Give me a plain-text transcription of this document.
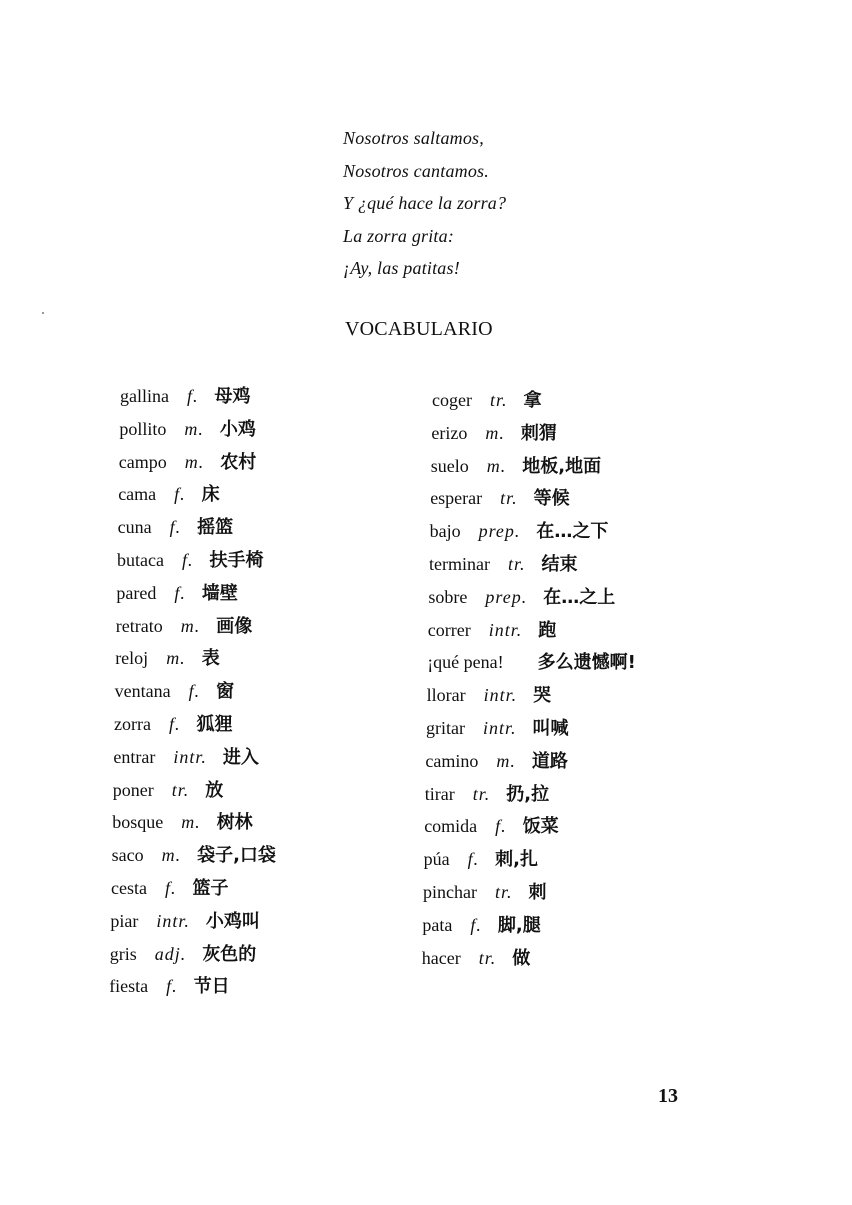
Nosotros saltamos,
Nosotros cantamos.
Y ¿qué hace la zorra?
La zorra grita:
¡Ay, las patitas!
VOCABULARIO
gallina f. 母鸡
pollito m. 小鸡
campo m. 农村
cama f. 床
cuna f. 摇篮
butaca f. 扶手椅
pared f. 墙壁
retrato m. 画像
reloj m. 表
ventana f. 窗
zorra f. 狐狸
entrar intr. 进入
poner tr. 放
bosque m. 树林
saco m. 袋子,口袋
cesta f. 篮子
piar intr. 小鸡叫
gris adj. 灰色的
fiesta f. 节日
coger tr. 拿
erizo m. 刺猬
suelo m. 地板,地面
esperar tr. 等候
bajo prep. 在…之下
terminar tr. 结束
sobre prep. 在…之上
correr intr. 跑
¡qué pena! 多么遗憾啊!
llorar intr. 哭
gritar intr. 叫喊
camino m. 道路
tirar tr. 扔,拉
comida f. 饭菜
púa f. 刺,扎
pinchar tr. 刺
pata f. 脚,腿
hacer tr. 做
13
